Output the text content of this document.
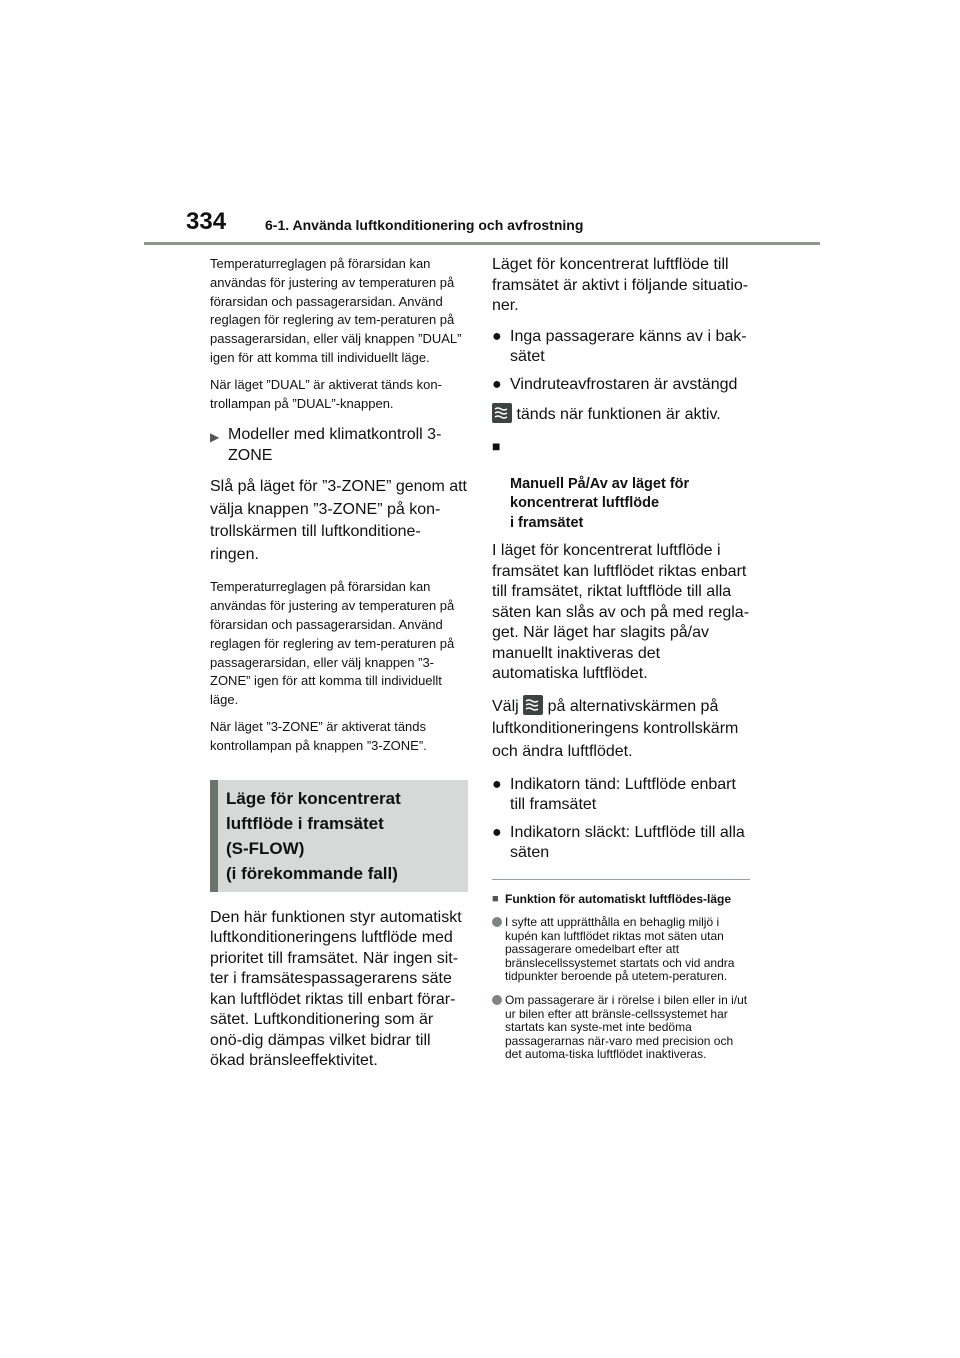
334	6-1. Använda luftkonditionering och avfrostning

Temperaturreglagen på förarsidan kan användas för justering av temperaturen på förarsidan och passagerarsidan. Använd reglagen för reglering av tem-peraturen på passagerarsidan, eller välj knappen ”DUAL” igen för att komma till individuellt läge.

När läget ”DUAL” är aktiverat tänds kon-trollampan på ”DUAL”-knappen.

▶ Modeller med klimatkontroll 3-ZONE

Slå på läget för ”3-ZONE” genom att välja knappen ”3-ZONE” på kon-trollskärmen till luftkonditione-ringen.

Temperaturreglagen på förarsidan kan användas för justering av temperaturen på förarsidan och passagerarsidan. Använd reglagen för reglering av tem-peraturen på passagerarsidan, eller välj knappen ”3-ZONE” igen för att komma till individuellt läge.

När läget ”3-ZONE” är aktiverat tänds kontrollampan på knappen ”3-ZONE”.

Läge för koncentrerat
luftflöde i framsätet
(S-FLOW)
(i förekommande fall)

Den här funktionen styr automatiskt luftkonditioneringens luftflöde med prioritet till framsätet. När ingen sit-ter i framsätespassagerarens säte kan luftflödet riktas till enbart förar-sätet. Luftkonditionering som är onö-dig dämpas vilket bidrar till ökad bränsleeffektivitet.

Läget för koncentrerat luftflöde till framsätet är aktivt i följande situatio-ner.

● Inga passagerare känns av i bak-sätet
● Vindruteavfrostaren är avstängd
tänds när funktionen är aktiv.

■

Manuell På/Av av läget för
koncentrerat luftflöde
i framsätet

I läget för koncentrerat luftflöde i framsätet kan luftflödet riktas enbart till framsätet, riktat luftflöde till alla säten kan slås av och på med regla-get. När läget har slagits på/av manuellt inaktiveras det automatiska luftflödet.

Välj på alternativskärmen på luftkonditioneringens kontrollskärm och ändra luftflödet.

● Indikatorn tänd: Luftflöde enbart till framsätet
● Indikatorn släckt: Luftflöde till alla säten
■ Funktion för automatiskt luftflödes-läge
I syfte att upprätthålla en behaglig miljö i kupén kan luftflödet riktas mot säten utan passagerare omedelbart efter att bränslecellssystemet startats och vid andra tidpunkter beroende på utetem-peraturen.
Om passagerare är i rörelse i bilen eller in i/ut ur bilen efter att bränsle-cellssystemet har startats kan syste-met inte bedöma passagerarnas när-varo med precision och det automa-tiska luftflödet inaktiveras.
